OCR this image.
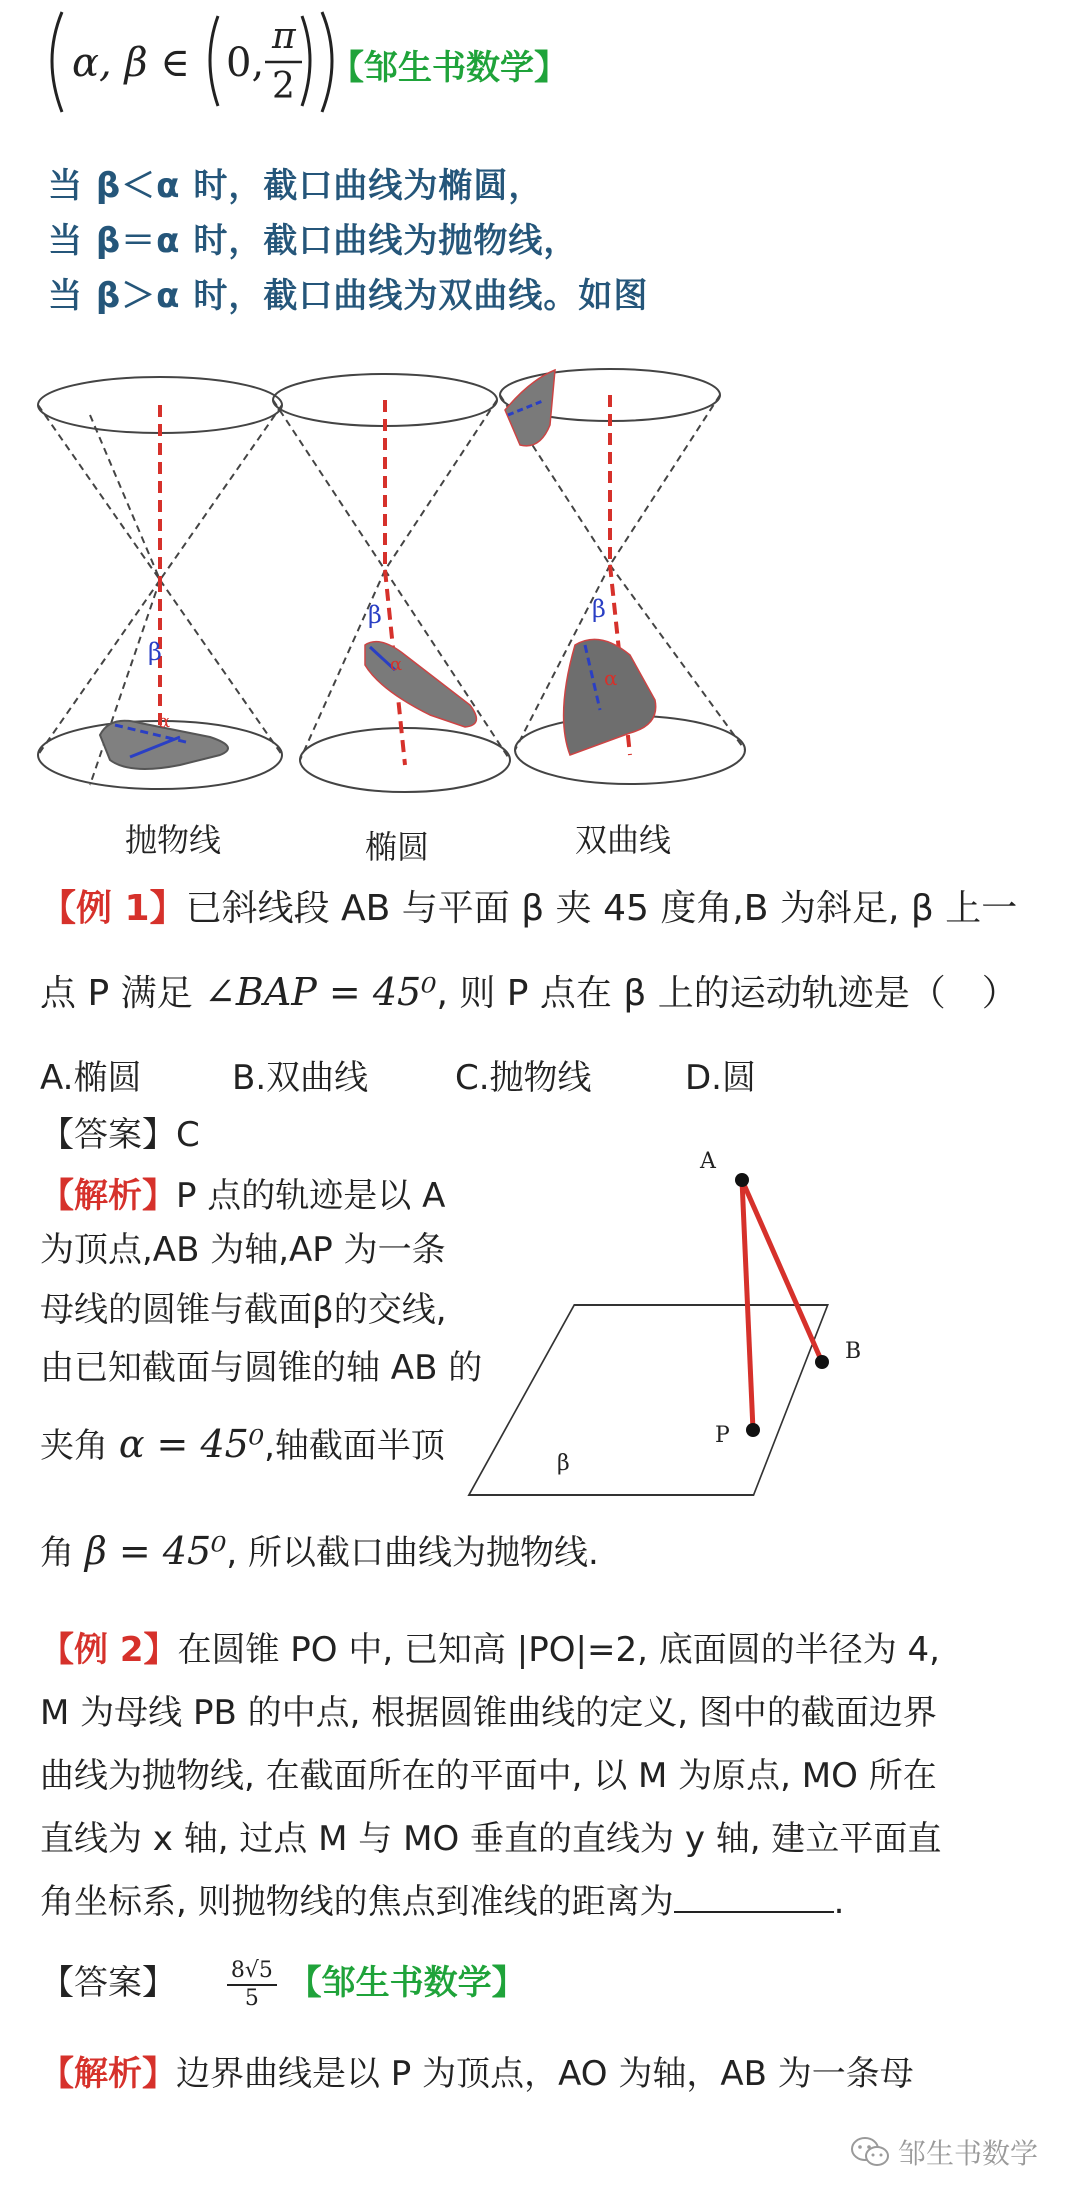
α, β ∈ 0,
π
2 【邹生书数学】
当 β＜α 时，截口曲线为椭圆，
当 β＝α 时，截口曲线为抛物线，
当 β＞α 时，截口曲线为双曲线。如图
β
α
β
α
β
α
抛物线	椭圆	双曲线
【例 1】已斜线段 AB 与平面 β 夹 45 度角,B 为斜足, β 上一
点 P 满足 ∠BAP = 45⁰, 则 P 点在 β 上的运动轨迹是（　）
A.椭圆	B.双曲线	C.抛物线	D.圆
【答案】C
【解析】P 点的轨迹是以 A
为顶点,AB 为轴,AP 为一条
母线的圆锥与截面β的交线,
由已知截面与圆锥的轴 AB 的
夹角 α = 45⁰,轴截面半顶
角 β = 45⁰, 所以截口曲线为抛物线.
A
B
P
β
【例 2】在圆锥 PO 中, 已知高 |PO|=2, 底面圆的半径为 4,
M 为母线 PB 的中点, 根据圆锥曲线的定义, 图中的截面边界
曲线为抛物线, 在截面所在的平面中, 以 M 为原点, MO 所在
直线为 x 轴, 过点 M 与 MO 垂直的直线为 y 轴, 建立平面直
角坐标系, 则抛物线的焦点到准线的距离为	.
【答案】 $\frac{8√5}{5}$ 【邹生书数学】
【解析】边界曲线是以 P 为顶点，AO 为轴，AB 为一条母
邹生书数学
